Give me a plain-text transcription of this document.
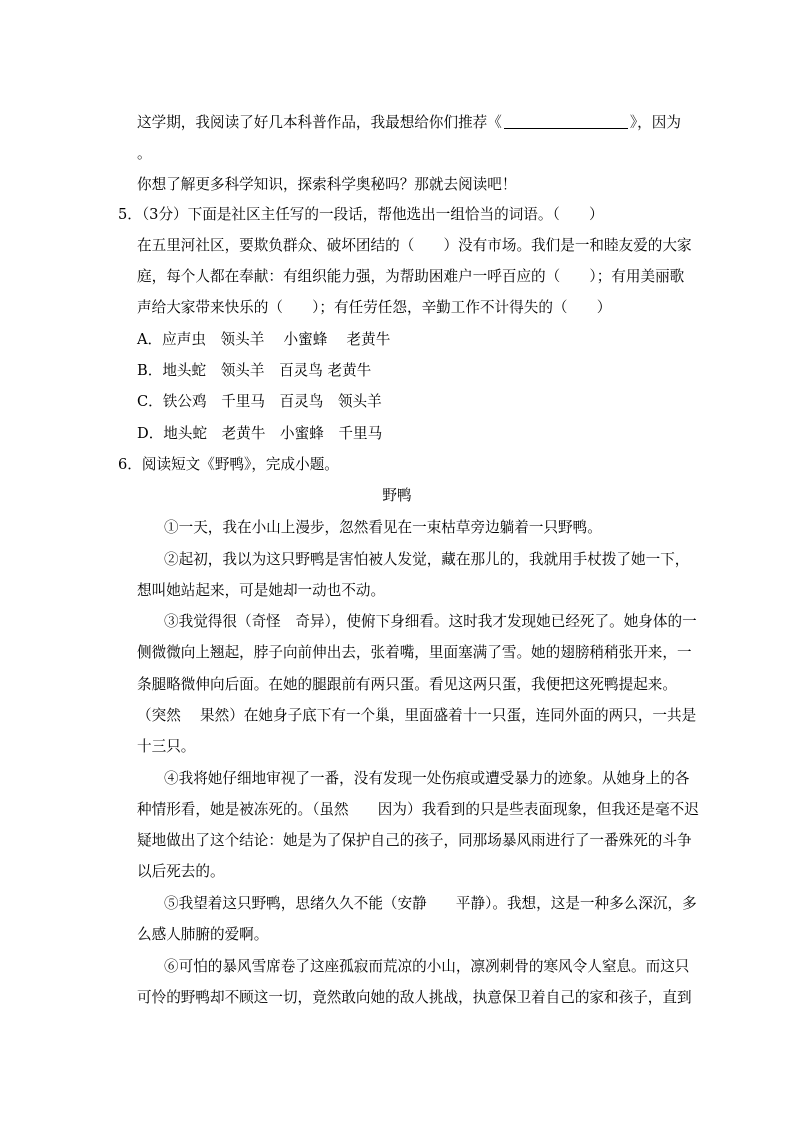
这学期，我阅读了好几本科普作品，我最想给你们推荐《	》，因为
。
你想了解更多科学知识，探索科学奥秘吗？那就去阅读吧！
5．（3分）下面是社区主任写的一段话，帮他选出一组恰当的词语。（　　）
在五里河社区，要欺负群众、破坏团结的（　　）没有市场。我们是一和睦友爱的大家
庭，每个人都在奉献：有组织能力强，为帮助困难户一呼百应的（　　）；有用美丽歌
声给大家带来快乐的（　　）；有任劳任怨，辛勤工作不计得失的（　　）
A．应声虫　领头羊　 小蜜蜂　 老黄牛
B．地头蛇　领头羊　百灵鸟 老黄牛
C．铁公鸡　千里马　百灵鸟　领头羊
D．地头蛇　老黄牛　小蜜蜂　千里马
6．阅读短文《野鸭》，完成小题。
野鸭
①一天，我在小山上漫步，忽然看见在一束枯草旁边躺着一只野鸭。
②起初，我以为这只野鸭是害怕被人发觉，藏在那儿的，我就用手杖拨了她一下，
想叫她站起来，可是她却一动也不动。
③我觉得很（奇怪　奇异），使俯下身细看。这时我才发现她已经死了。她身体的一
侧微微向上翘起，脖子向前伸出去，张着嘴，里面塞满了雪。她的翅膀稍稍张开来，一
条腿略微伸向后面。在她的腿跟前有两只蛋。看见这两只蛋，我便把这死鸭提起来。
（突然　 果然）在她身子底下有一个巢，里面盛着十一只蛋，连同外面的两只，一共是
十三只。
④我将她仔细地审视了一番，没有发现一处伤痕或遭受暴力的迹象。从她身上的各
种情形看，她是被冻死的。（虽然　　因为）我看到的只是些表面现象，但我还是毫不迟
疑地做出了这个结论：她是为了保护自己的孩子，同那场暴风雨进行了一番殊死的斗争
以后死去的。
⑤我望着这只野鸭，思绪久久不能（安静　　平静）。我想，这是一种多么深沉，多
么感人肺腑的爱啊。
⑥可怕的暴风雪席卷了这座孤寂而荒凉的小山，凛冽刺骨的寒风令人窒息。而这只
可怜的野鸭却不顾这一切，竟然敢向她的敌人挑战，执意保卫着自己的家和孩子，直到
